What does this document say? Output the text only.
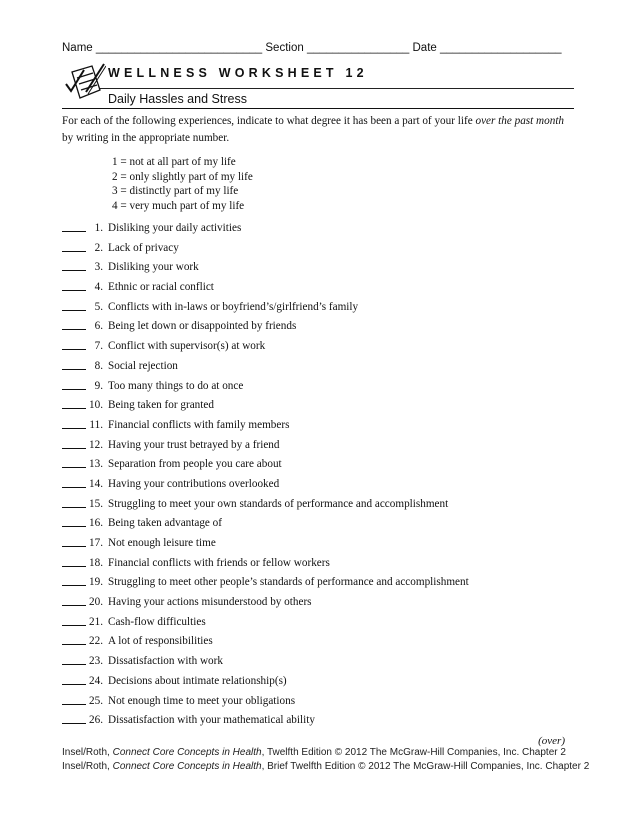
Name __________________________ Section ________________ Date ___________________
WELLNESS WORKSHEET 12
Daily Hassles and Stress
For each of the following experiences, indicate to what degree it has been a part of your life over the past month by writing in the appropriate number.
1 = not at all part of my life
2 = only slightly part of my life
3 = distinctly part of my life
4 = very much part of my life
1. Disliking your daily activities
2. Lack of privacy
3. Disliking your work
4. Ethnic or racial conflict
5. Conflicts with in-laws or boyfriend’s/girlfriend’s family
6. Being let down or disappointed by friends
7. Conflict with supervisor(s) at work
8. Social rejection
9. Too many things to do at once
10. Being taken for granted
11. Financial conflicts with family members
12. Having your trust betrayed by a friend
13. Separation from people you care about
14. Having your contributions overlooked
15. Struggling to meet your own standards of performance and accomplishment
16. Being taken advantage of
17. Not enough leisure time
18. Financial conflicts with friends or fellow workers
19. Struggling to meet other people’s standards of performance and accomplishment
20. Having your actions misunderstood by others
21. Cash-flow difficulties
22. A lot of responsibilities
23. Dissatisfaction with work
24. Decisions about intimate relationship(s)
25. Not enough time to meet your obligations
26. Dissatisfaction with your mathematical ability
(over)
Insel/Roth, Connect Core Concepts in Health, Twelfth Edition © 2012 The McGraw-Hill Companies, Inc. Chapter 2
Insel/Roth, Connect Core Concepts in Health, Brief Twelfth Edition © 2012 The McGraw-Hill Companies, Inc. Chapter 2
